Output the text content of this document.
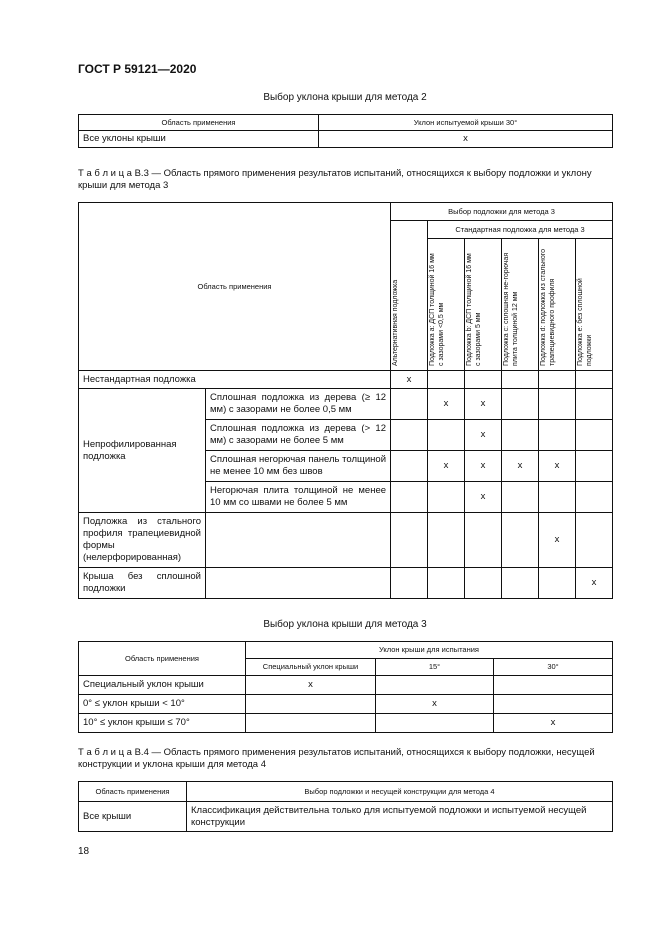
ГОСТ Р 59121—2020
Выбор уклона крыши для метода 2
Область применения	Уклон испытуемой крыши 30°
Все уклоны крыши	х
Т а б л и ц а В.3 — Область прямого применения результатов испытаний, относящихся к выбору подложки и уклону крыши для метода 3
Область применения		Выбор подложки для метода 3					

		Альтернативная подложка	Стандартная подложка для метода 3				

			Подложка а: ДСП толщиной 16 мм с зазорами <0,5 мм	Подложка b: ДСП толщиной 16 мм с зазорами 5 мм	Подложка с: сплошная не-горючая плита толщиной 12 мм	Подложка d: подложка из стального трапециевидного профиля	Подложка е: без сплошной подложки

Нестандартная подложка		х					
Непрофилированная подложка	Сплошная подложка из дерева (≥ 12 мм) с зазорами не более 0,5 мм		х	х			
	Сплошная подложка из дерева (> 12 мм) с зазорами не более 5 мм			х			
	Сплошная негорючая панель толщиной не менее 10 мм без швов		х	х	х	х	
	Негорючая плита толщиной не менее 10 мм со швами не более 5 мм			х			
Подложка из стального профиля трапециевидной формы (нелерфорированная)						х	
Крыша без сплошной подложки							х
Выбор уклона крыши для метода 3
Область применения	Уклон крыши для испытания		
	Специальный уклон крыши	15°	30°
Специальный уклон крыши	х		
0° ≤ уклон крыши < 10°		х	
10° ≤ уклон крыши ≤ 70°			х
Т а б л и ц а В.4 — Область прямого применения результатов испытаний, относящихся к выбору подложки, несущей конструкции и уклона крыши для метода 4
Область применения	Выбор подложки и несущей конструкции для метода 4
Все крыши	Классификация действительна только для испытуемой подложки и испытуемой несущей конструкции
18
